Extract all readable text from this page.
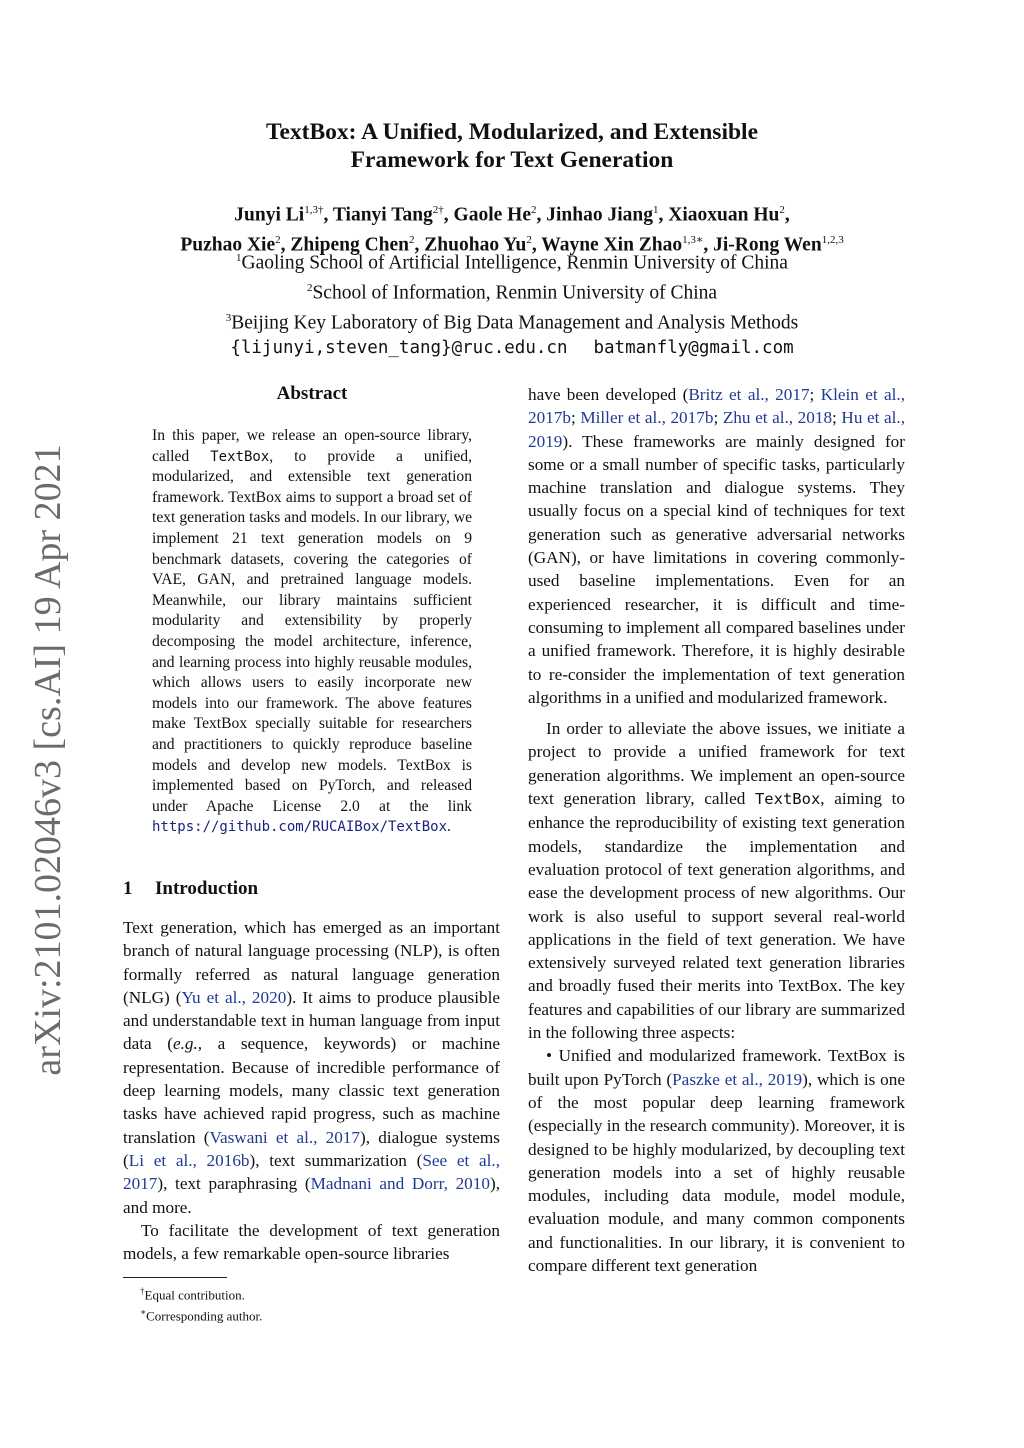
arXiv:2101.02046v3 [cs.AI] 19 Apr 2021
TextBox: A Unified, Modularized, and Extensible
Framework for Text Generation
Junyi $Li^{1,3\dagger}$, Tianyi Tang$^{2\dagger}$, Gaole He$^2$, Jinhao Jiang$^1$, Xiaoxuan Hu$^2$,
Puzhao Xie$^2$, Zhipeng Chen$^2$, Zhuohao Yu$^2$, Wayne Xin Zhao$^{1,3∗}$, Ji-Rong Wen$^{1,2,3}$
$^1$Gaoling School of Artificial Intelligence, Renmin University of China
$^2$School of Information, Renmin University of China
$^3$Beijing Key Laboratory of Big Data Management and Analysis Methods
{lijunyi,steven_tang}@ruc.edu.cn batmanfly@gmail.com
Abstract
In this paper, we release an open-source library, called TextBox, to provide a unified, modularized, and extensible text generation framework. TextBox aims to support a broad set of text generation tasks and models. In our library, we implement 21 text generation models on 9 benchmark datasets, covering the categories of VAE, GAN, and pretrained language models. Meanwhile, our library maintains sufficient modularity and extensibility by properly decomposing the model architecture, inference, and learning process into highly reusable modules, which allows users to easily incorporate new models into our framework. The above features make TextBox specially suitable for researchers and practitioners to quickly reproduce baseline models and develop new models. TextBox is implemented based on PyTorch, and released under Apache License 2.0 at the link https://github.com/RUCAIBox/TextBox.
1 Introduction

Text generation, which has emerged as an important branch of natural language processing (NLP), is often formally referred as natural language generation (NLG) (Yu et al., 2020). It aims to produce plausible and understandable text in human language from input data (e.g., a sequence, keywords) or machine representation. Because of incredible performance of deep learning models, many classic text generation tasks have achieved rapid progress, such as machine translation (Vaswani et al., 2017), dialogue systems (Li et al., 2016b), text summarization (See et al., 2017), text paraphrasing (Madnani and Dorr, 2010), and more.

To facilitate the development of text generation models, a few remarkable open-source libraries

have been developed (Britz et al., 2017; Klein et al., 2017b; Miller et al., 2017b; Zhu et al., 2018; Hu et al., 2019). These frameworks are mainly designed for some or a small number of specific tasks, particularly machine translation and dialogue systems. They usually focus on a special kind of techniques for text generation such as generative adversarial networks (GAN), or have limitations in covering commonly-used baseline implementations. Even for an experienced researcher, it is difficult and time-consuming to implement all compared baselines under a unified framework. Therefore, it is highly desirable to re-consider the implementation of text generation algorithms in a unified and modularized framework.

In order to alleviate the above issues, we initiate a project to provide a unified framework for text generation algorithms. We implement an open-source text generation library, called TextBox, aiming to enhance the reproducibility of existing text generation models, standardize the implementation and evaluation protocol of text generation algorithms, and ease the development process of new algorithms. Our work is also useful to support several real-world applications in the field of text generation. We have extensively surveyed related text generation libraries and broadly fused their merits into TextBox. The key features and capabilities of our library are summarized in the following three aspects:

• Unified and modularized framework. TextBox is built upon PyTorch (Paszke et al., 2019), which is one of the most popular deep learning framework (especially in the research community). Moreover, it is designed to be highly modularized, by decoupling text generation models into a set of highly reusable modules, including data module, model module, evaluation module, and many common components and functionalities. In our library, it is convenient to compare different text generation

†Equal contribution.
∗Corresponding author.
